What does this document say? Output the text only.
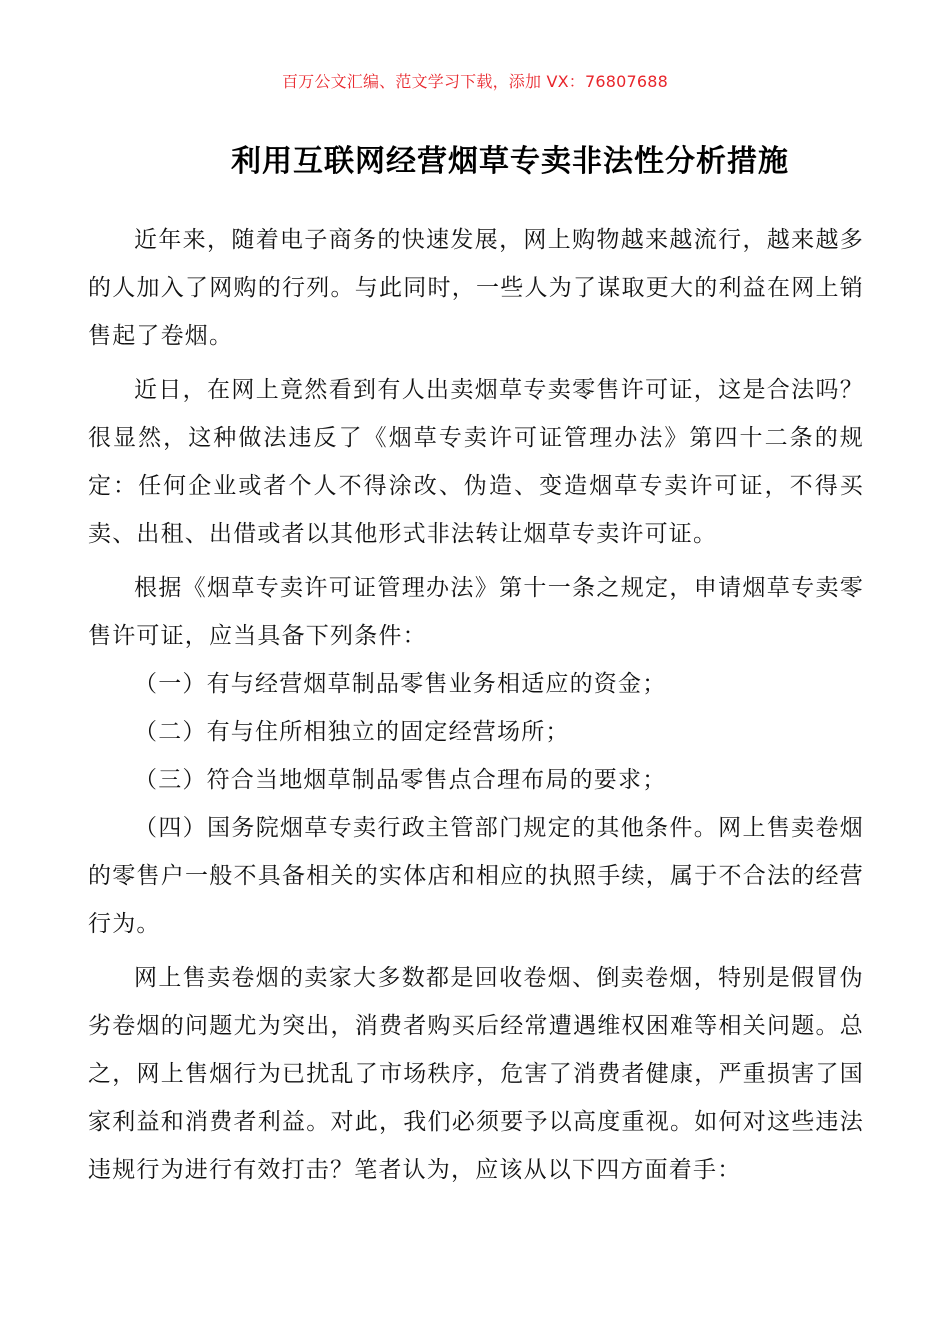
百万公文汇编、范文学习下载，添加 VX：76807688
利用互联网经营烟草专卖非法性分析措施

近年来，随着电子商务的快速发展，网上购物越来越流行，越来越多的人加入了网购的行列。与此同时，一些人为了谋取更大的利益在网上销售起了卷烟。

近日，在网上竟然看到有人出卖烟草专卖零售许可证，这是合法吗？很显然，这种做法违反了《烟草专卖许可证管理办法》第四十二条的规定：任何企业或者个人不得涂改、伪造、变造烟草专卖许可证，不得买卖、出租、出借或者以其他形式非法转让烟草专卖许可证。

根据《烟草专卖许可证管理办法》第十一条之规定，申请烟草专卖零售许可证，应当具备下列条件：

（一）有与经营烟草制品零售业务相适应的资金；

（二）有与住所相独立的固定经营场所；

（三）符合当地烟草制品零售点合理布局的要求；

（四）国务院烟草专卖行政主管部门规定的其他条件。网上售卖卷烟的零售户一般不具备相关的实体店和相应的执照手续，属于不合法的经营行为。

网上售卖卷烟的卖家大多数都是回收卷烟、倒卖卷烟，特别是假冒伪劣卷烟的问题尤为突出，消费者购买后经常遭遇维权困难等相关问题。总之，网上售烟行为已扰乱了市场秩序，危害了消费者健康，严重损害了国家利益和消费者利益。对此，我们必须要予以高度重视。如何对这些违法违规行为进行有效打击？笔者认为，应该从以下四方面着手：
